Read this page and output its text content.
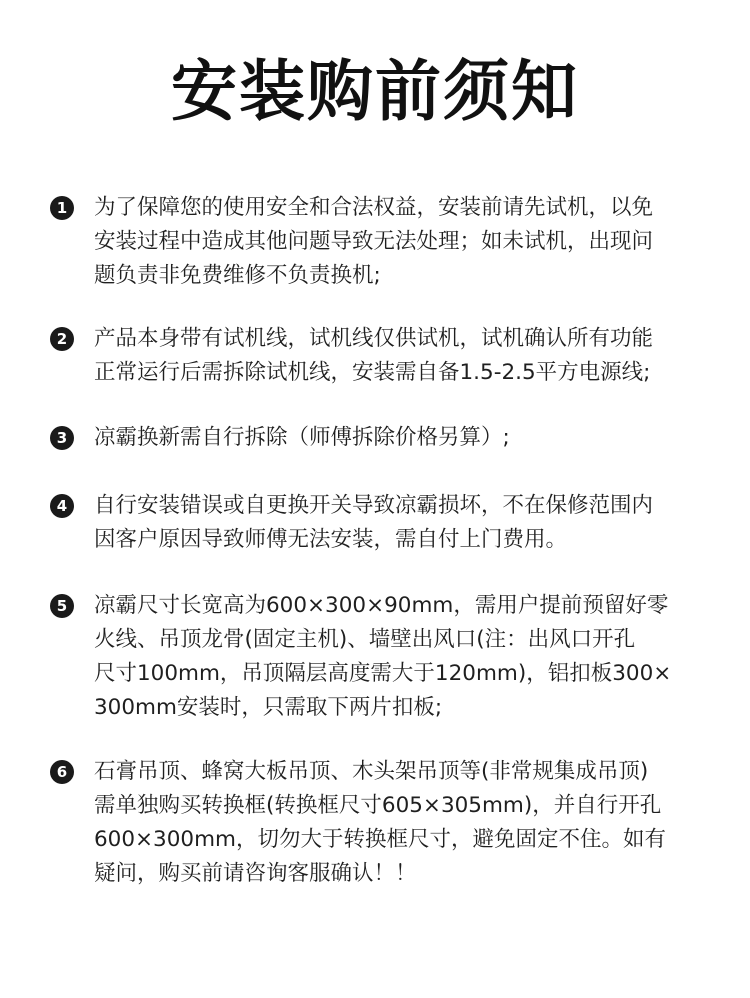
安装购前须知
1	为了保障您的使用安全和合法权益，安装前请先试机，以免
安装过程中造成其他问题导致无法处理；如未试机，出现问
题负责非免费维修不负责换机;
2	产品本身带有试机线，试机线仅供试机，试机确认所有功能
正常运行后需拆除试机线，安装需自备1.5-2.5平方电源线;
3	凉霸换新需自行拆除（师傅拆除价格另算）;
4	自行安装错误或自更换开关导致凉霸损坏，不在保修范围内
因客户原因导致师傅无法安装，需自付上门费用。
5	凉霸尺寸长宽高为600×300×90mm，需用户提前预留好零
火线、吊顶龙骨(固定主机)、墙壁出风口(注：出风口开孔
尺寸100mm，吊顶隔层高度需大于120mm)，铝扣板300×
300mm安装时，只需取下两片扣板;
6	石膏吊顶、蜂窝大板吊顶、木头架吊顶等(非常规集成吊顶)
需单独购买转换框(转换框尺寸605×305mm)，并自行开孔
600×300mm，切勿大于转换框尺寸，避免固定不住。如有
疑问，购买前请咨询客服确认！！
